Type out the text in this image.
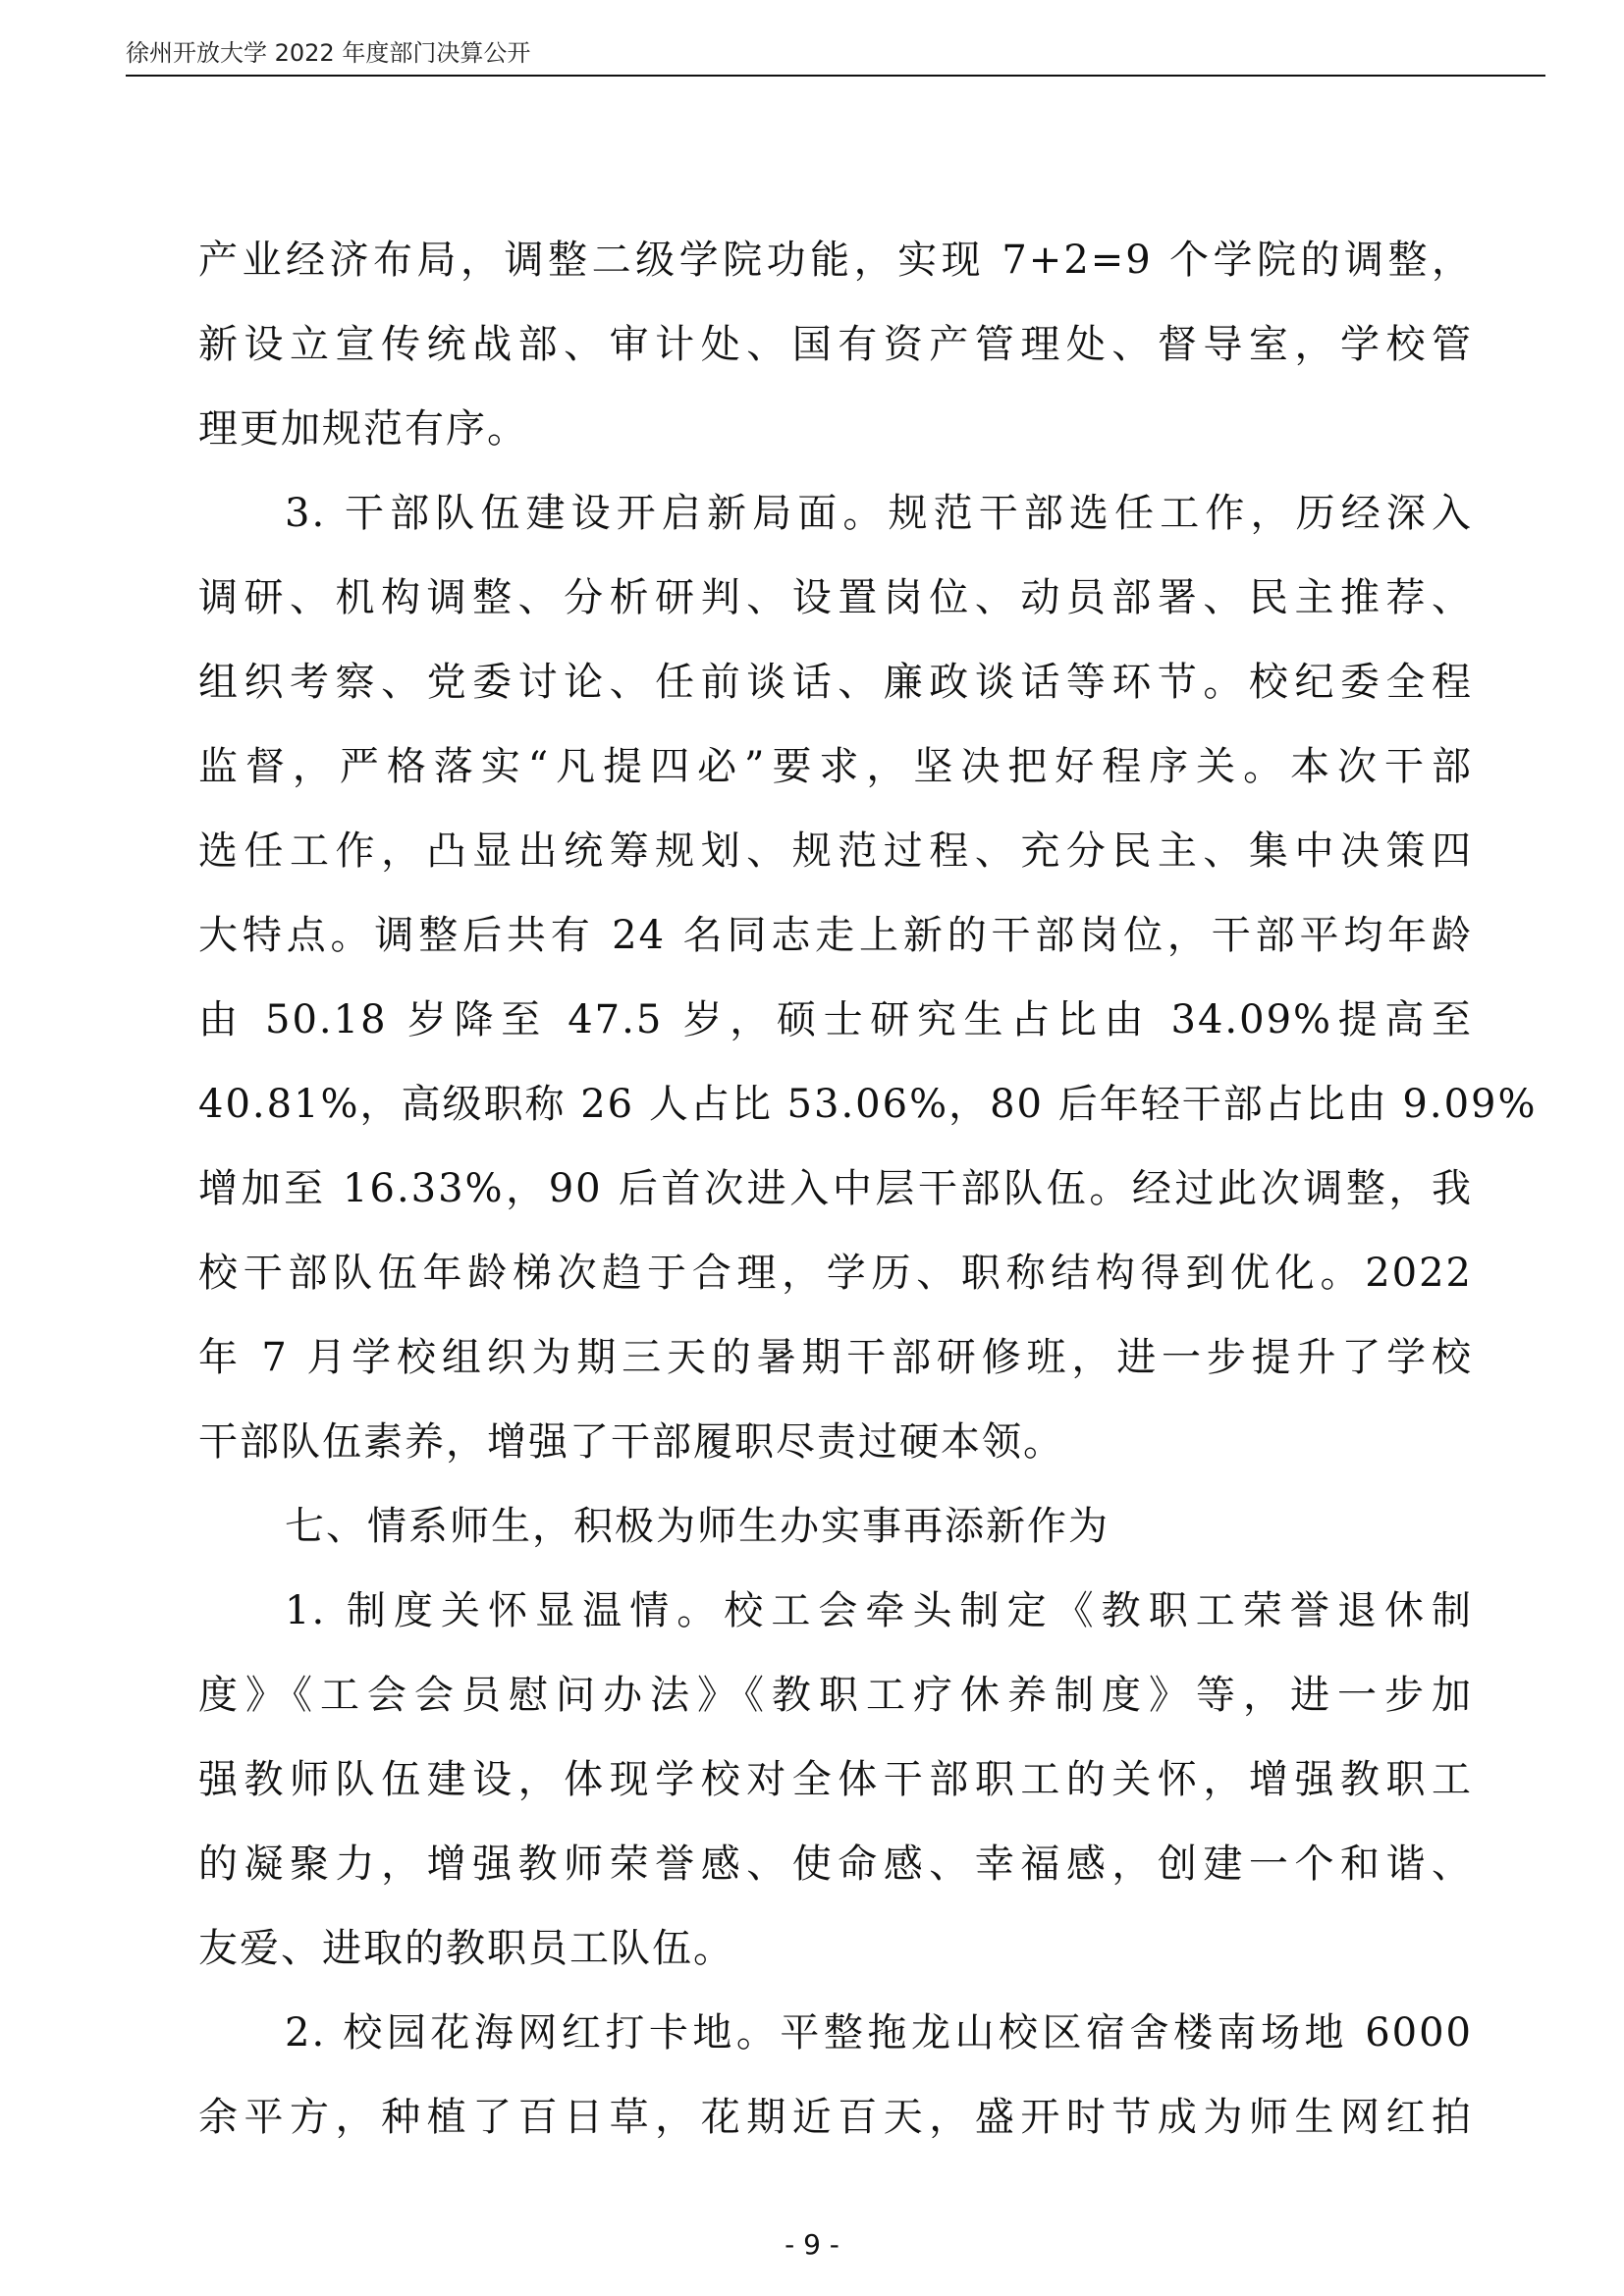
徐州开放大学 2022 年度部门决算公开
产业经济布局，调整二级学院功能，实现 7+2=9 个学院的调整，
新设立宣传统战部、审计处、国有资产管理处、督导室，学校管
理更加规范有序。
3. 干部队伍建设开启新局面。规范干部选任工作，历经深入
调研、机构调整、分析研判、设置岗位、动员部署、民主推荐、
组织考察、党委讨论、任前谈话、廉政谈话等环节。校纪委全程
监督，严格落实“凡提四必”要求，坚决把好程序关。本次干部
选任工作，凸显出统筹规划、规范过程、充分民主、集中决策四
大特点。调整后共有 24 名同志走上新的干部岗位，干部平均年龄
由 50.18 岁降至 47.5 岁，硕士研究生占比由 34.09%提高至
40.81%，高级职称 26 人占比 53.06%，80 后年轻干部占比由 9.09%
增加至 16.33%，90 后首次进入中层干部队伍。经过此次调整，我
校干部队伍年龄梯次趋于合理，学历、职称结构得到优化。2022
年 7 月学校组织为期三天的暑期干部研修班，进一步提升了学校
干部队伍素养，增强了干部履职尽责过硬本领。
七、情系师生，积极为师生办实事再添新作为
1. 制度关怀显温情。校工会牵头制定《教职工荣誉退休制
度》《工会会员慰问办法》《教职工疗休养制度》等，进一步加
强教师队伍建设，体现学校对全体干部职工的关怀，增强教职工
的凝聚力，增强教师荣誉感、使命感、幸福感，创建一个和谐、
友爱、进取的教职员工队伍。
2. 校园花海网红打卡地。平整拖龙山校区宿舍楼南场地 6000
余平方，种植了百日草，花期近百天，盛开时节成为师生网红拍
- 9 -
